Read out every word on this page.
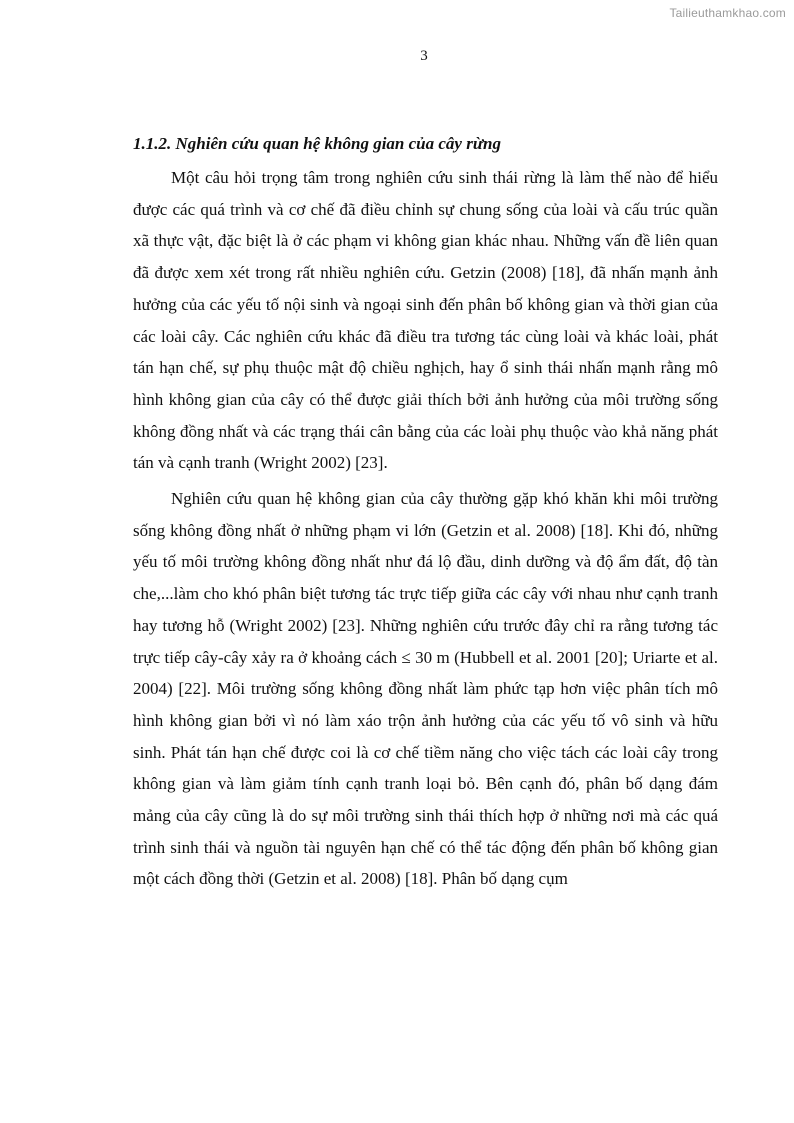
Tailieuthamkhao.com
3
1.1.2. Nghiên cứu quan hệ không gian của cây rừng

Một câu hỏi trọng tâm trong nghiên cứu sinh thái rừng là làm thế nào để hiểu được các quá trình và cơ chế đã điều chỉnh sự chung sống của loài và cấu trúc quần xã thực vật, đặc biệt là ở các phạm vi không gian khác nhau. Những vấn đề liên quan đã được xem xét trong rất nhiều nghiên cứu. Getzin (2008) [18], đã nhấn mạnh ảnh hưởng của các yếu tố nội sinh và ngoại sinh đến phân bố không gian và thời gian của các loài cây. Các nghiên cứu khác đã điều tra tương tác cùng loài và khác loài, phát tán hạn chế, sự phụ thuộc mật độ chiều nghịch, hay ổ sinh thái nhấn mạnh rằng mô hình không gian của cây có thể được giải thích bởi ảnh hưởng của môi trường sống không đồng nhất và các trạng thái cân bằng của các loài phụ thuộc vào khả năng phát tán và cạnh tranh (Wright 2002) [23].

Nghiên cứu quan hệ không gian của cây thường gặp khó khăn khi môi trường sống không đồng nhất ở những phạm vi lớn (Getzin et al. 2008) [18]. Khi đó, những yếu tố môi trường không đồng nhất như đá lộ đầu, dinh dưỡng và độ ẩm đất, độ tàn che,...làm cho khó phân biệt tương tác trực tiếp giữa các cây với nhau như cạnh tranh hay tương hỗ (Wright 2002) [23]. Những nghiên cứu trước đây chỉ ra rằng tương tác trực tiếp cây-cây xảy ra ở khoảng cách ≤ 30 m (Hubbell et al. 2001 [20]; Uriarte et al. 2004) [22]. Môi trường sống không đồng nhất làm phức tạp hơn việc phân tích mô hình không gian bởi vì nó làm xáo trộn ảnh hưởng của các yếu tố vô sinh và hữu sinh. Phát tán hạn chế được coi là cơ chế tiềm năng cho việc tách các loài cây trong không gian và làm giảm tính cạnh tranh loại bỏ. Bên cạnh đó, phân bố dạng đám mảng của cây cũng là do sự môi trường sinh thái thích hợp ở những nơi mà các quá trình sinh thái và nguồn tài nguyên hạn chế có thể tác động đến phân bố không gian một cách đồng thời (Getzin et al. 2008) [18]. Phân bố dạng cụm
